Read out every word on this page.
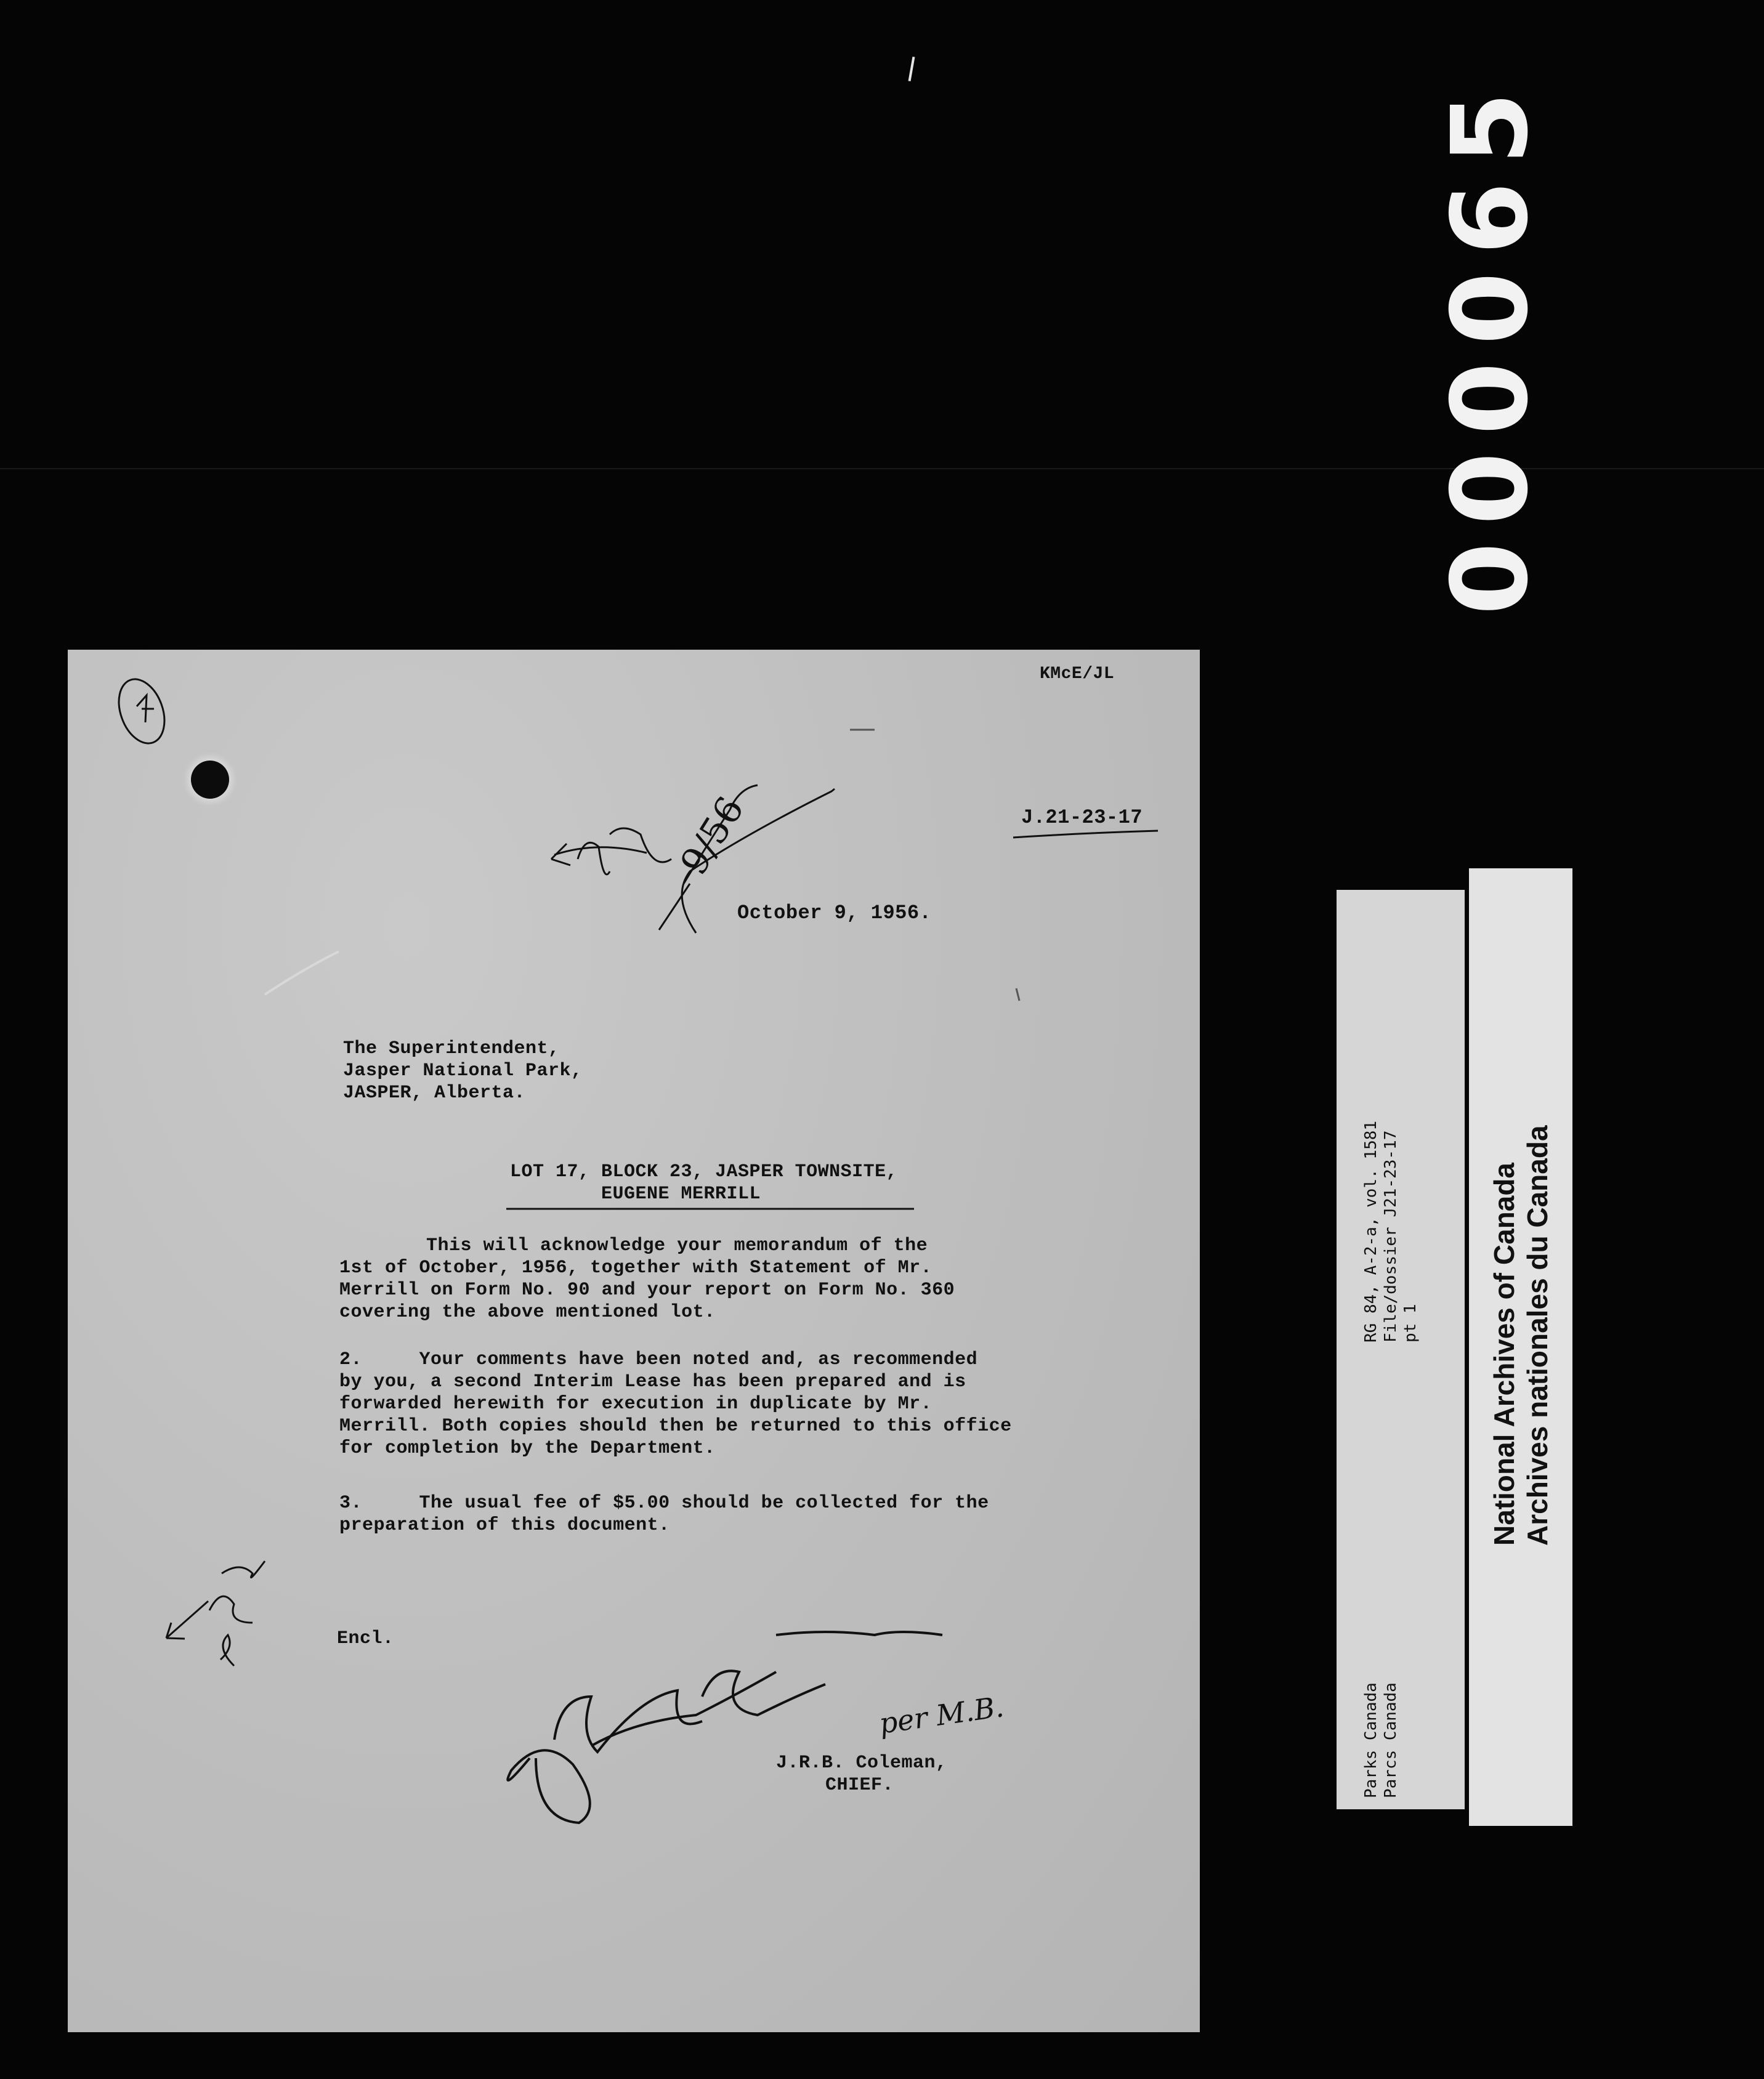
000065

KMcE/JL

J.21-23-17

October 9, 1956.

The Superintendent,

Jasper National Park,

JASPER, Alberta.

LOT 17, BLOCK 23, JASPER TOWNSITE,

EUGENE MERRILL

This will acknowledge your memorandum of the

1st of October, 1956, together with Statement of Mr.

Merrill on Form No. 90 and your report on Form No. 360

covering the above mentioned lot.

2.     Your comments have been noted and, as recommended

by you, a second Interim Lease has been prepared and is

forwarded herewith for execution in duplicate by Mr.

Merrill. Both copies should then be returned to this office

for completion by the Department.

3.     The usual fee of $5.00 should be collected for the

preparation of this document.

Encl.

J.R.B. Coleman,

CHIEF.

9/56
per M.B.
RG 84, A-2-a, vol. 1581 File/dossier J21-23-17 pt 1
Parks Canada Parcs Canada
National Archives of Canada Archives nationales du Canada
